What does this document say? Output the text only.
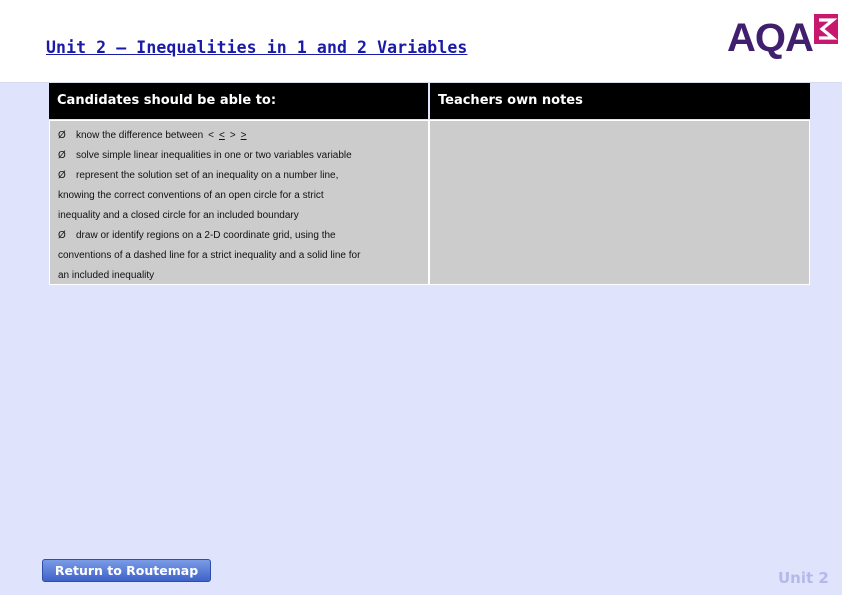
Unit 2 – Inequalities in 1 and 2 Variables	AQA
Candidates should be able to:	Teachers own notes
Ø know the difference between < < > >
Ø solve simple linear inequalities in one or two variables variable
Ø represent the solution set of an inequality on a number line,
knowing the correct conventions of an open circle for a strict
inequality and a closed circle for an included boundary
Ø draw or identify regions on a 2-D coordinate grid, using the
conventions of a dashed line for a strict inequality and a solid line for
an included inequality
Return to Routemap	Unit 2
